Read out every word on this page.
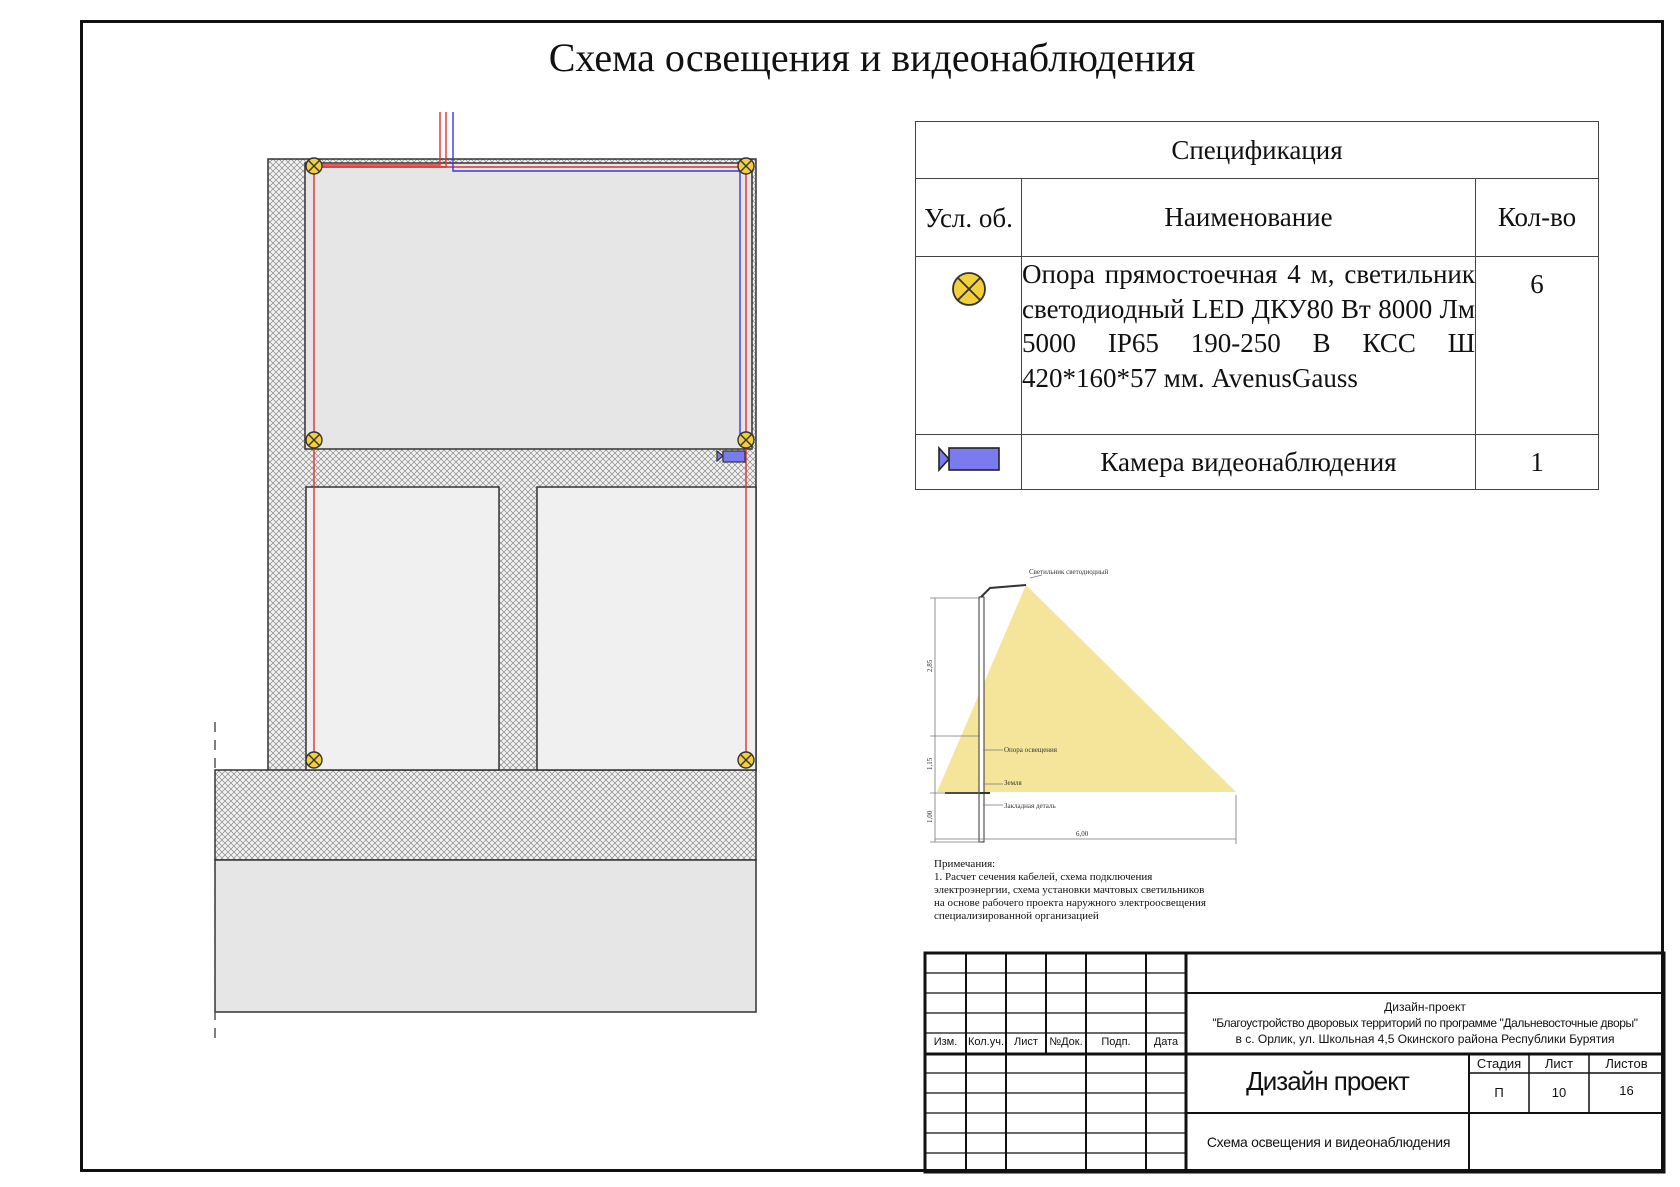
Схема освещения и видеонаблюдения
Спецификация		
Усл. об.	Наименование	Кол-во
	Опора прямостоечная 4 м, светильник светодиодный LED ДКУ80 Вт 8000 Лм 5000 IP65 190-250 В КСС Ш 420*160*57 мм. AvenusGauss	6
	Камера видеонаблюдения	1
Светильник светодиодный
Опора освещения
Земля
Закладная деталь
2,85
1,15
1,00
6,00
Примечания:
1. Расчет сечения кабелей, схема подключения
электроэнергии, схема установки мачтовых светильников
на основе рабочего проекта наружного электроосвещения
специализированной организацией
Изм. Кол.уч. Лист	№Док.	Подп.	Дата
Дизайн-проект
"Благоустройство дворовых территорий по программе "Дальневосточные дворы"
в с. Орлик, ул. Школьная 4,5 Окинского района Республики Бурятия
Дизайн проект
Схема освещения и видеонаблюдения
Стадия	Лист	Листов
П	10	16
